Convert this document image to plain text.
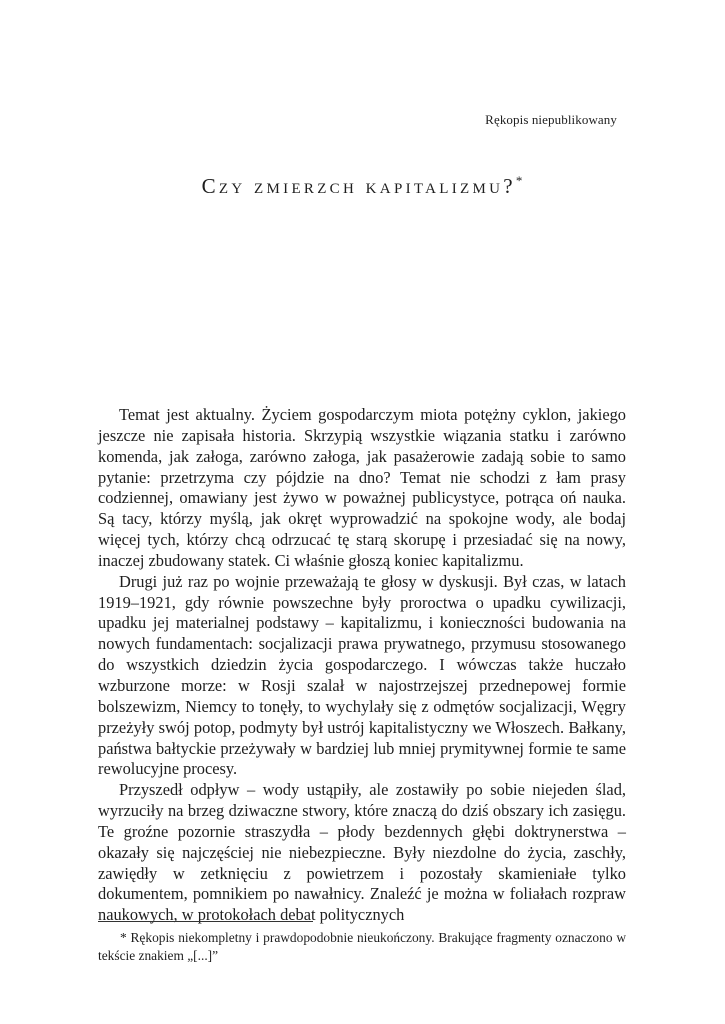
Rękopis niepublikowany
Czy zmierzch kapitalizmu?*

Temat jest aktualny. Życiem gospodarczym miota potężny cyklon, jakiego jeszcze nie zapisała historia. Skrzypią wszystkie wiązania statku i zarówno komenda, jak załoga, zarówno załoga, jak pasażerowie zadają sobie to samo pytanie: przetrzyma czy pójdzie na dno? Temat nie schodzi z łam prasy codziennej, omawiany jest żywo w poważnej publicystyce, potrąca oń nauka. Są tacy, którzy myślą, jak okręt wyprowadzić na spokojne wody, ale bodaj więcej tych, którzy chcą odrzucać tę starą skorupę i przesiadać się na nowy, inaczej zbudowany statek. Ci właśnie głoszą koniec kapitalizmu.

Drugi już raz po wojnie przeważają te głosy w dyskusji. Był czas, w latach 1919–1921, gdy równie powszechne były proroctwa o upadku cywilizacji, upadku jej materialnej podstawy – kapitalizmu, i konieczności budowania na nowych fundamentach: socjalizacji prawa prywatnego, przymusu stosowanego do wszystkich dziedzin życia gospodarczego. I wówczas także huczało wzburzone morze: w Rosji szalał w najostrzejszej przednepowej formie bolszewizm, Niemcy to tonęły, to wychylały się z odmętów socjalizacji, Węgry przeżyły swój potop, podmyty był ustrój kapitalistyczny we Włoszech. Bałkany, państwa bałtyckie przeżywały w bardziej lub mniej prymitywnej formie te same rewolucyjne procesy.

Przyszedł odpływ – wody ustąpiły, ale zostawiły po sobie niejeden ślad, wyrzuciły na brzeg dziwaczne stwory, które znaczą do dziś obszary ich zasięgu. Te groźne pozornie straszydła – płody bezdennych głębi doktrynerstwa – okazały się najczęściej nie niebezpieczne. Były niezdolne do życia, zaschły, zawiędły w zetknięciu z powietrzem i pozostały skamieniałe tylko dokumentem, pomnikiem po nawałnicy. Znaleźć je można w foliałach rozpraw naukowych, w protokołach debat politycznych

* Rękopis niekompletny i prawdopodobnie nieukończony. Brakujące fragmenty oznaczono w tekście znakiem „[...]”
